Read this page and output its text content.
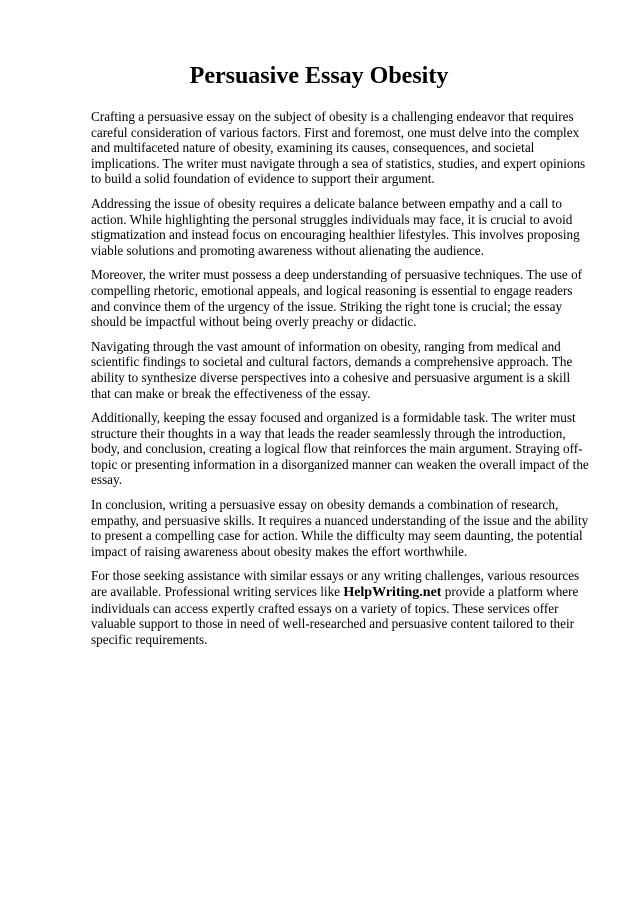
Persuasive Essay Obesity

Crafting a persuasive essay on the subject of obesity is a challenging endeavor that requires careful consideration of various factors. First and foremost, one must delve into the complex and multifaceted nature of obesity, examining its causes, consequences, and societal implications. The writer must navigate through a sea of statistics, studies, and expert opinions to build a solid foundation of evidence to support their argument.

Addressing the issue of obesity requires a delicate balance between empathy and a call to action. While highlighting the personal struggles individuals may face, it is crucial to avoid stigmatization and instead focus on encouraging healthier lifestyles. This involves proposing viable solutions and promoting awareness without alienating the audience.

Moreover, the writer must possess a deep understanding of persuasive techniques. The use of compelling rhetoric, emotional appeals, and logical reasoning is essential to engage readers and convince them of the urgency of the issue. Striking the right tone is crucial; the essay should be impactful without being overly preachy or didactic.

Navigating through the vast amount of information on obesity, ranging from medical and scientific findings to societal and cultural factors, demands a comprehensive approach. The ability to synthesize diverse perspectives into a cohesive and persuasive argument is a skill that can make or break the effectiveness of the essay.

Additionally, keeping the essay focused and organized is a formidable task. The writer must structure their thoughts in a way that leads the reader seamlessly through the introduction, body, and conclusion, creating a logical flow that reinforces the main argument. Straying off-topic or presenting information in a disorganized manner can weaken the overall impact of the essay.

In conclusion, writing a persuasive essay on obesity demands a combination of research, empathy, and persuasive skills. It requires a nuanced understanding of the issue and the ability to present a compelling case for action. While the difficulty may seem daunting, the potential impact of raising awareness about obesity makes the effort worthwhile.

For those seeking assistance with similar essays or any writing challenges, various resources are available. Professional writing services like HelpWriting.net provide a platform where individuals can access expertly crafted essays on a variety of topics. These services offer valuable support to those in need of well-researched and persuasive content tailored to their specific requirements.
